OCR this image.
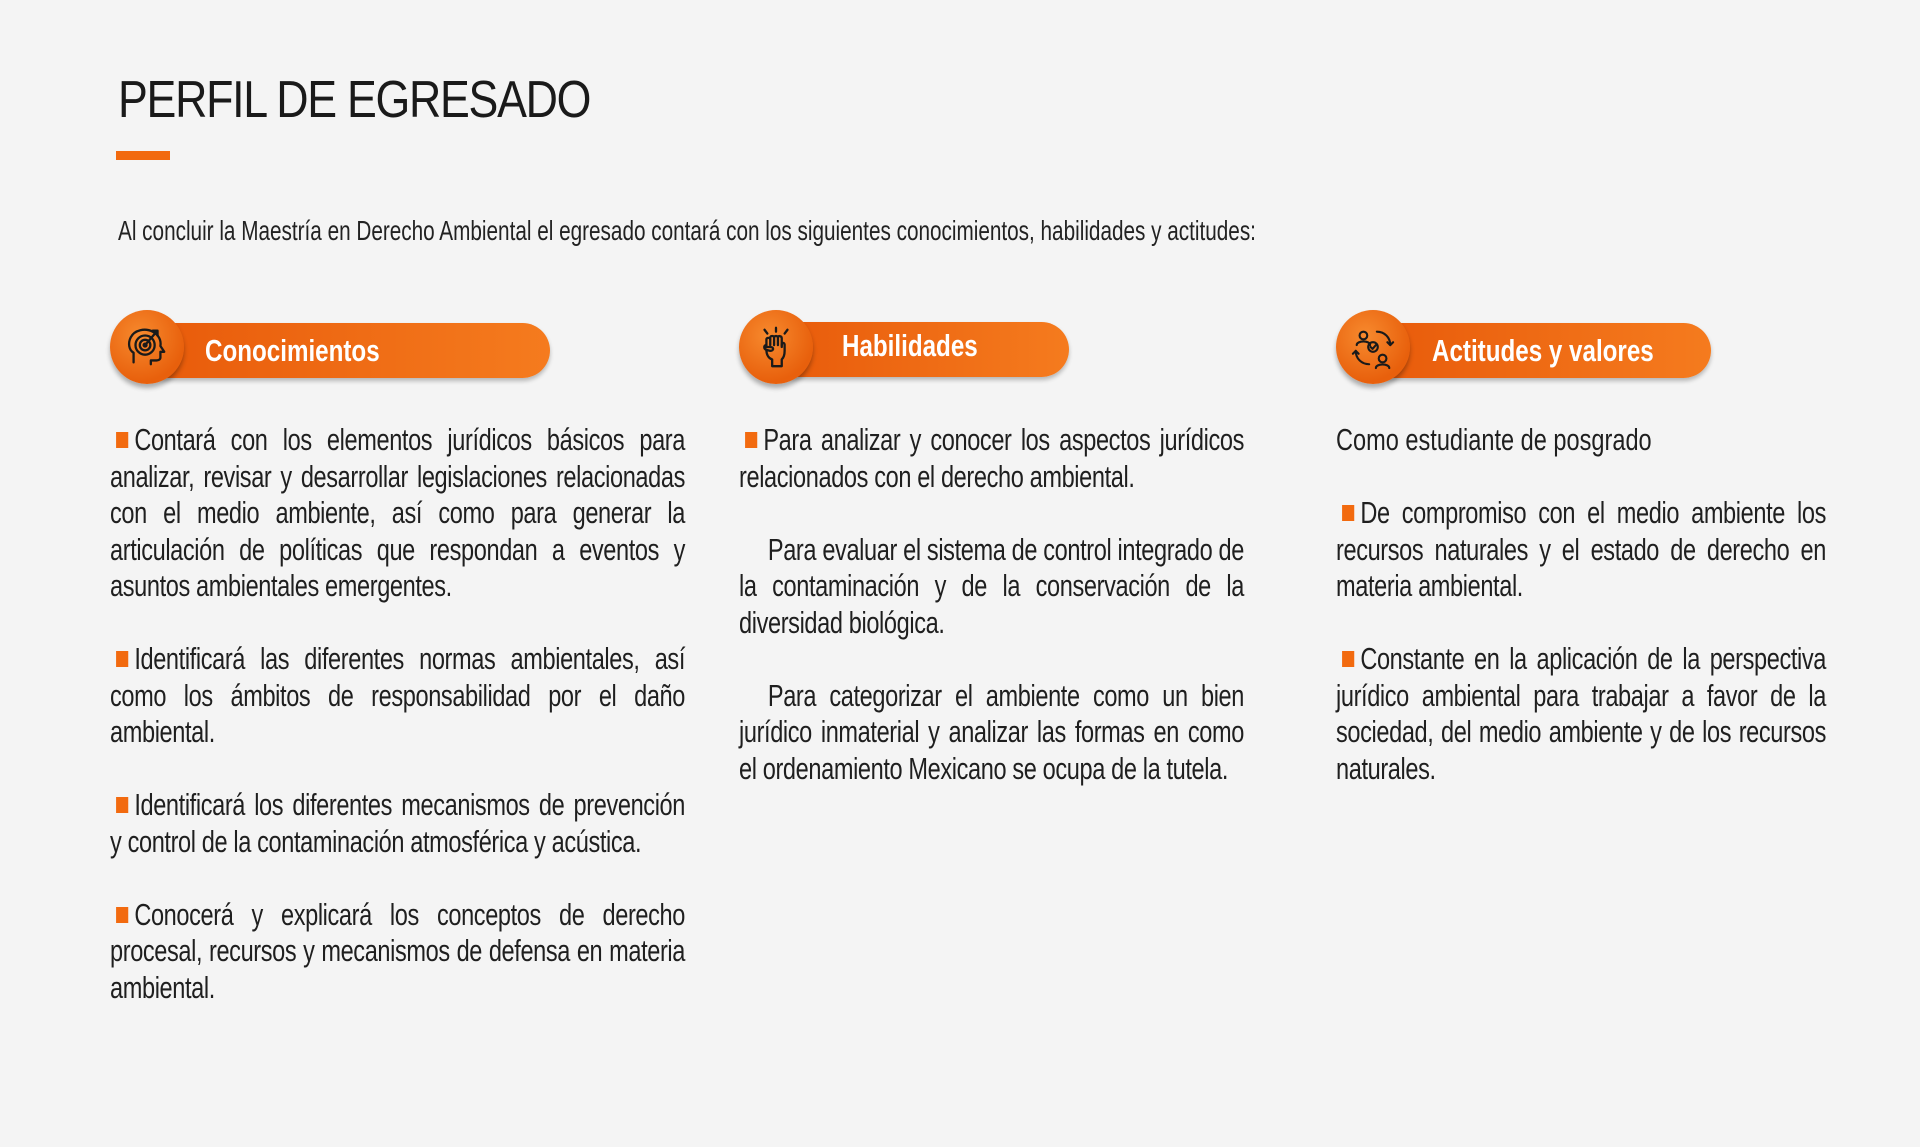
PERFIL DE EGRESADO
Al concluir la Maestría en Derecho Ambiental el egresado contará con los siguientes conocimientos, habilidades y actitudes:
Conocimientos

Contará con los elementos jurídicos básicos para analizar, revisar y desarrollar legislaciones relacionadas con el medio ambiente, así como para generar la articulación de políticas que respondan a eventos y asuntos ambientales emergentes.

Identificará las diferentes normas ambientales, así como los ámbitos de responsabilidad por el daño ambiental.

Identificará los diferentes mecanismos de prevención y control de la contaminación atmosférica y acústica.

Conocerá y explicará los conceptos de derecho procesal, recursos y mecanismos de defensa en materia ambiental.

Habilidades

Para analizar y conocer los aspectos jurídicos relacionados con el derecho ambiental.

Para evaluar el sistema de control integrado de la contaminación y de la conservación de la diversidad biológica.

Para categorizar el ambiente como un bien jurídico inmaterial y analizar las formas en como el ordenamiento Mexicano se ocupa de la tutela.

Actitudes y valores

Como estudiante de posgrado

De compromiso con el medio ambiente los recursos naturales y el estado de derecho en materia ambiental.

Constante en la aplicación de la perspectiva jurídico ambiental para trabajar a favor de la sociedad, del medio ambiente y de los recursos naturales.
